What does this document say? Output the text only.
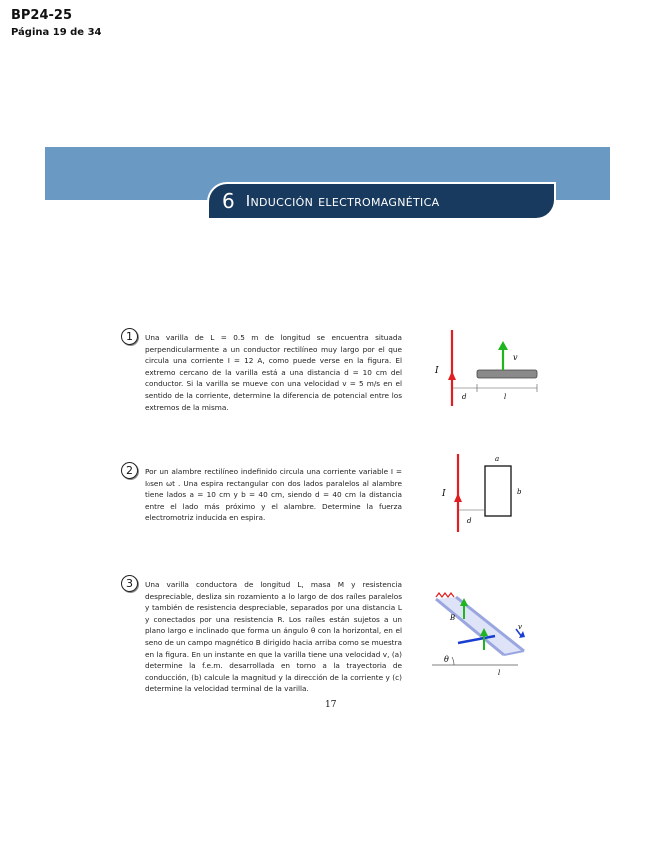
BP24-25
Página 19 de 34
6 Inducción electromagnética
1	Una varilla de L = 0.5 m de longitud se encuentra situada perpendicularmente a un conductor rectilíneo muy largo por el que circula una corriente I = 12 A, como puede verse en la figura. El extremo cercano de la varilla está a una distancia d = 10 cm del conductor. Si la varilla se mueve con una velocidad v = 5 m/s en el sentido de la corriente, determine la diferencia de potencial entre los extremos de la misma.
I
v
d	l
2	Por un alambre rectilíneo indefinido circula una corriente variable I = I₀sen ωt . Una espira rectangular con dos lados paralelos al alambre tiene lados a = 10 cm y b = 40 cm, siendo d = 40 cm la distancia entre el lado más próximo y el alambre. Determine la fuerza electromotriz inducida en espira.
I
a
b
d
3	Una varilla conductora de longitud L, masa M y resistencia despreciable, desliza sin rozamiento a lo largo de dos raíles paralelos y también de resistencia despreciable, separados por una distancia L y conectados por una resistencia R. Los raíles están sujetos a un plano largo e inclinado que forma un ángulo θ con la horizontal, en el seno de un campo magnético B dirigido hacia arriba como se muestra en la figura. En un instante en que la varilla tiene una velocidad v, (a) determine la f.e.m. desarrollada en torno a la trayectoria de conducción, (b) calcule la magnitud y la dirección de la corriente y (c) determine la velocidad terminal de la varilla.
B
v
θ
l
17
